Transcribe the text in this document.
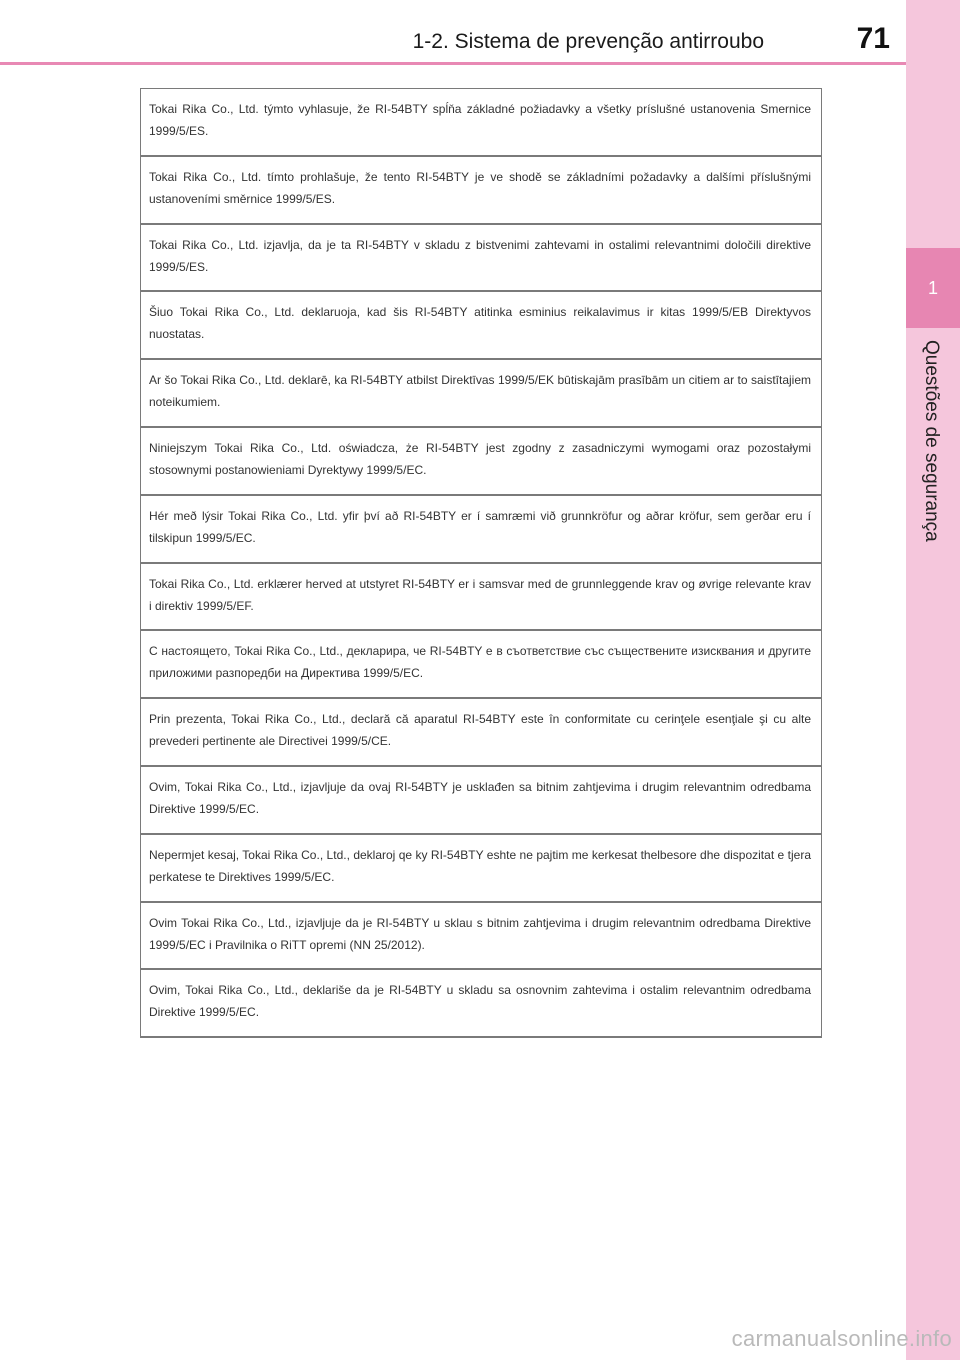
1-2. Sistema de prevenção antirroubo	71
1
Questões de segurança
Tokai Rika Co., Ltd. týmto vyhlasuje, že RI-54BTY spĺňa základné požiadavky a všetky príslušné ustanovenia Smernice 1999/5/ES.
Tokai Rika Co., Ltd. tímto prohlašuje, že tento RI-54BTY je ve shodě se základními požadavky a dalšími příslušnými ustanoveními směrnice 1999/5/ES.
Tokai Rika Co., Ltd. izjavlja, da je ta RI-54BTY v skladu z bistvenimi zahtevami in ostalimi relevantnimi določili direktive 1999/5/ES.
Šiuo Tokai Rika Co., Ltd. deklaruoja, kad šis RI-54BTY atitinka esminius reikalavimus ir kitas 1999/5/EB Direktyvos nuostatas.
Ar šo Tokai Rika Co., Ltd. deklarē, ka RI-54BTY atbilst Direktīvas 1999/5/EK būtiskajām prasībām un citiem ar to saistītajiem noteikumiem.
Niniejszym Tokai Rika Co., Ltd. oświadcza, że RI-54BTY jest zgodny z zasadniczymi wymogami oraz pozostałymi stosownymi postanowieniami Dyrektywy 1999/5/EC.
Hér með lýsir Tokai Rika Co., Ltd. yfir því að RI-54BTY er í samræmi við grunnkröfur og aðrar kröfur, sem gerðar eru í tilskipun 1999/5/EC.
Tokai Rika Co., Ltd. erklærer herved at utstyret RI-54BTY er i samsvar med de grunnleggende krav og øvrige relevante krav i direktiv 1999/5/EF.
С настоящето, Tokai Rika Co., Ltd., декларира, че RI-54BTY е в съответствие със съществените изисквания и другите приложими разпоредби на Директива 1999/5/EC.
Prin prezenta, Tokai Rika Co., Ltd., declară că aparatul RI-54BTY este în conformitate cu cerinţele esenţiale şi cu alte prevederi pertinente ale Directivei 1999/5/CE.
Ovim, Tokai Rika Co., Ltd., izjavljuje da ovaj RI-54BTY je usklađen sa bitnim zahtjevima i drugim relevantnim odredbama Direktive 1999/5/EC.
Nepermjet kesaj, Tokai Rika Co., Ltd., deklaroj qe ky RI-54BTY eshte ne pajtim me kerkesat thelbesore dhe dispozitat e tjera perkatese te Direktives 1999/5/EC.
Ovim Tokai Rika Co., Ltd., izjavljuje da je RI-54BTY u sklau s bitnim zahtjevima i drugim relevantnim odredbama Direktive 1999/5/EC i Pravilnika o RiTT opremi (NN 25/2012).
Ovim, Tokai Rika Co., Ltd., deklariše da je RI-54BTY u skladu sa osnovnim zahtevima i ostalim relevantnim odredbama Direktive 1999/5/EC.
carmanualsonline.info
